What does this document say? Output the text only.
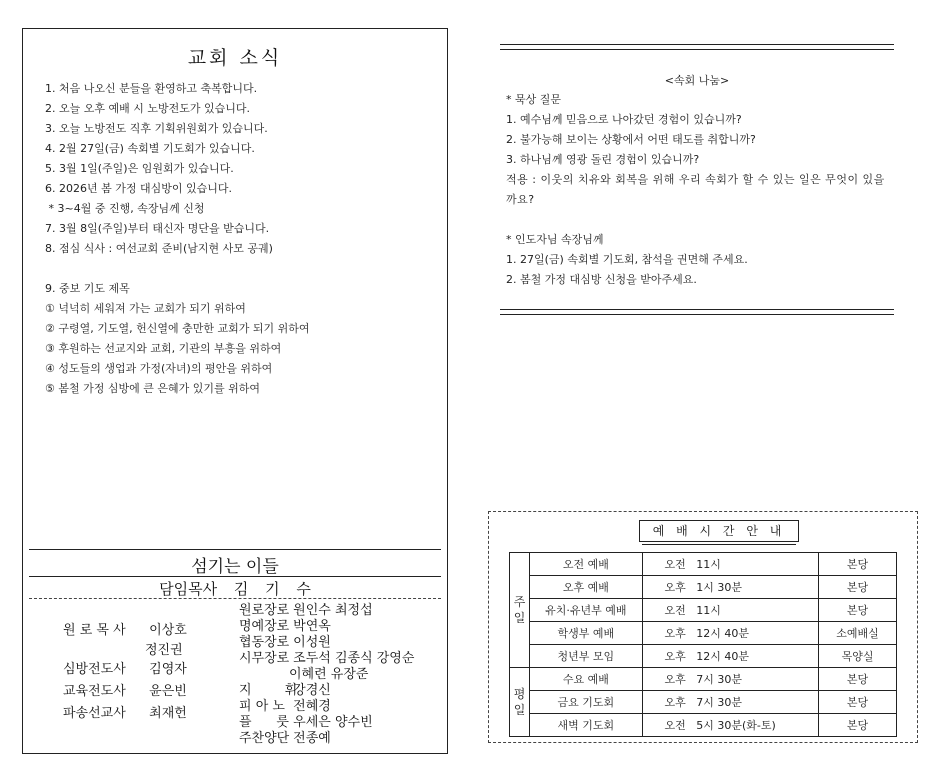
교회 소식
1. 처음 나오신 분들을 환영하고 축복합니다.
2. 오늘 오후 예배 시 노방전도가 있습니다.
3. 오늘 노방전도 직후 기획위원회가 있습니다.
4. 2월 27일(금) 속회별 기도회가 있습니다.
5. 3월 1일(주일)은 임원회가 있습니다.
6. 2026년 봄 가정 대심방이 있습니다.
* 3~4월 중 진행, 속장님께 신청
7. 3월 8일(주일)부터 태신자 명단을 받습니다.
8. 점심 식사 : 여선교회 준비(남지현 사모 공궤)
9. 중보 기도 제목
① 넉넉히 세워져 가는 교회가 되기 위하여
② 구령열, 기도열, 헌신열에 충만한 교회가 되기 위하여
③ 후원하는 선교지와 교회, 기관의 부흥을 위하여
④ 성도들의 생업과 가정(자녀)의 평안을 위하여
⑤ 봄철 가정 심방에 큰 은혜가 있기를 위하여
섬기는 이들
담임목사 김 기 수
원 로 목 사 이상호
정진권
심방전도사 김영자
교육전도사 윤은빈
파송선교사 최재헌
원로장로 원인수 최정섭
명예장로 박연옥
협동장로 이성원
시무장로 조두석 김종식 강영순
이혜련 유장준
지        휘 강경신
피 아 노 전혜경
플      룻 우세은 양수빈
주찬양단 전종예
<속회 나눔>
* 묵상 질문
1. 예수님께 믿음으로 나아갔던 경험이 있습니까?
2. 불가능해 보이는 상황에서 어떤 태도를 취합니까?
3. 하나님께 영광 돌린 경험이 있습니까?
적용 : 이웃의 치유와 회복을 위해 우리 속회가 할 수 있는 일은 무엇이 있을까요?
* 인도자님 속장님께
1. 27일(금) 속회별 기도회, 참석을 권면해 주세요.
2. 봄철 가정 대심방 신청을 받아주세요.
예 배 시 간 안 내
주
일	오전 예배	오전   11시	본당
	오후 예배	오후   1시 30분	본당
	유치·유년부 예배	오전   11시	본당
	학생부 예배	오후   12시 40분	소예배실
	청년부 모임	오후   12시 40분	목양실
평
일	수요 예배	오후   7시 30분	본당
	금요 기도회	오후   7시 30분	본당
	새벽 기도회	오전   5시 30분(화-토)	본당
